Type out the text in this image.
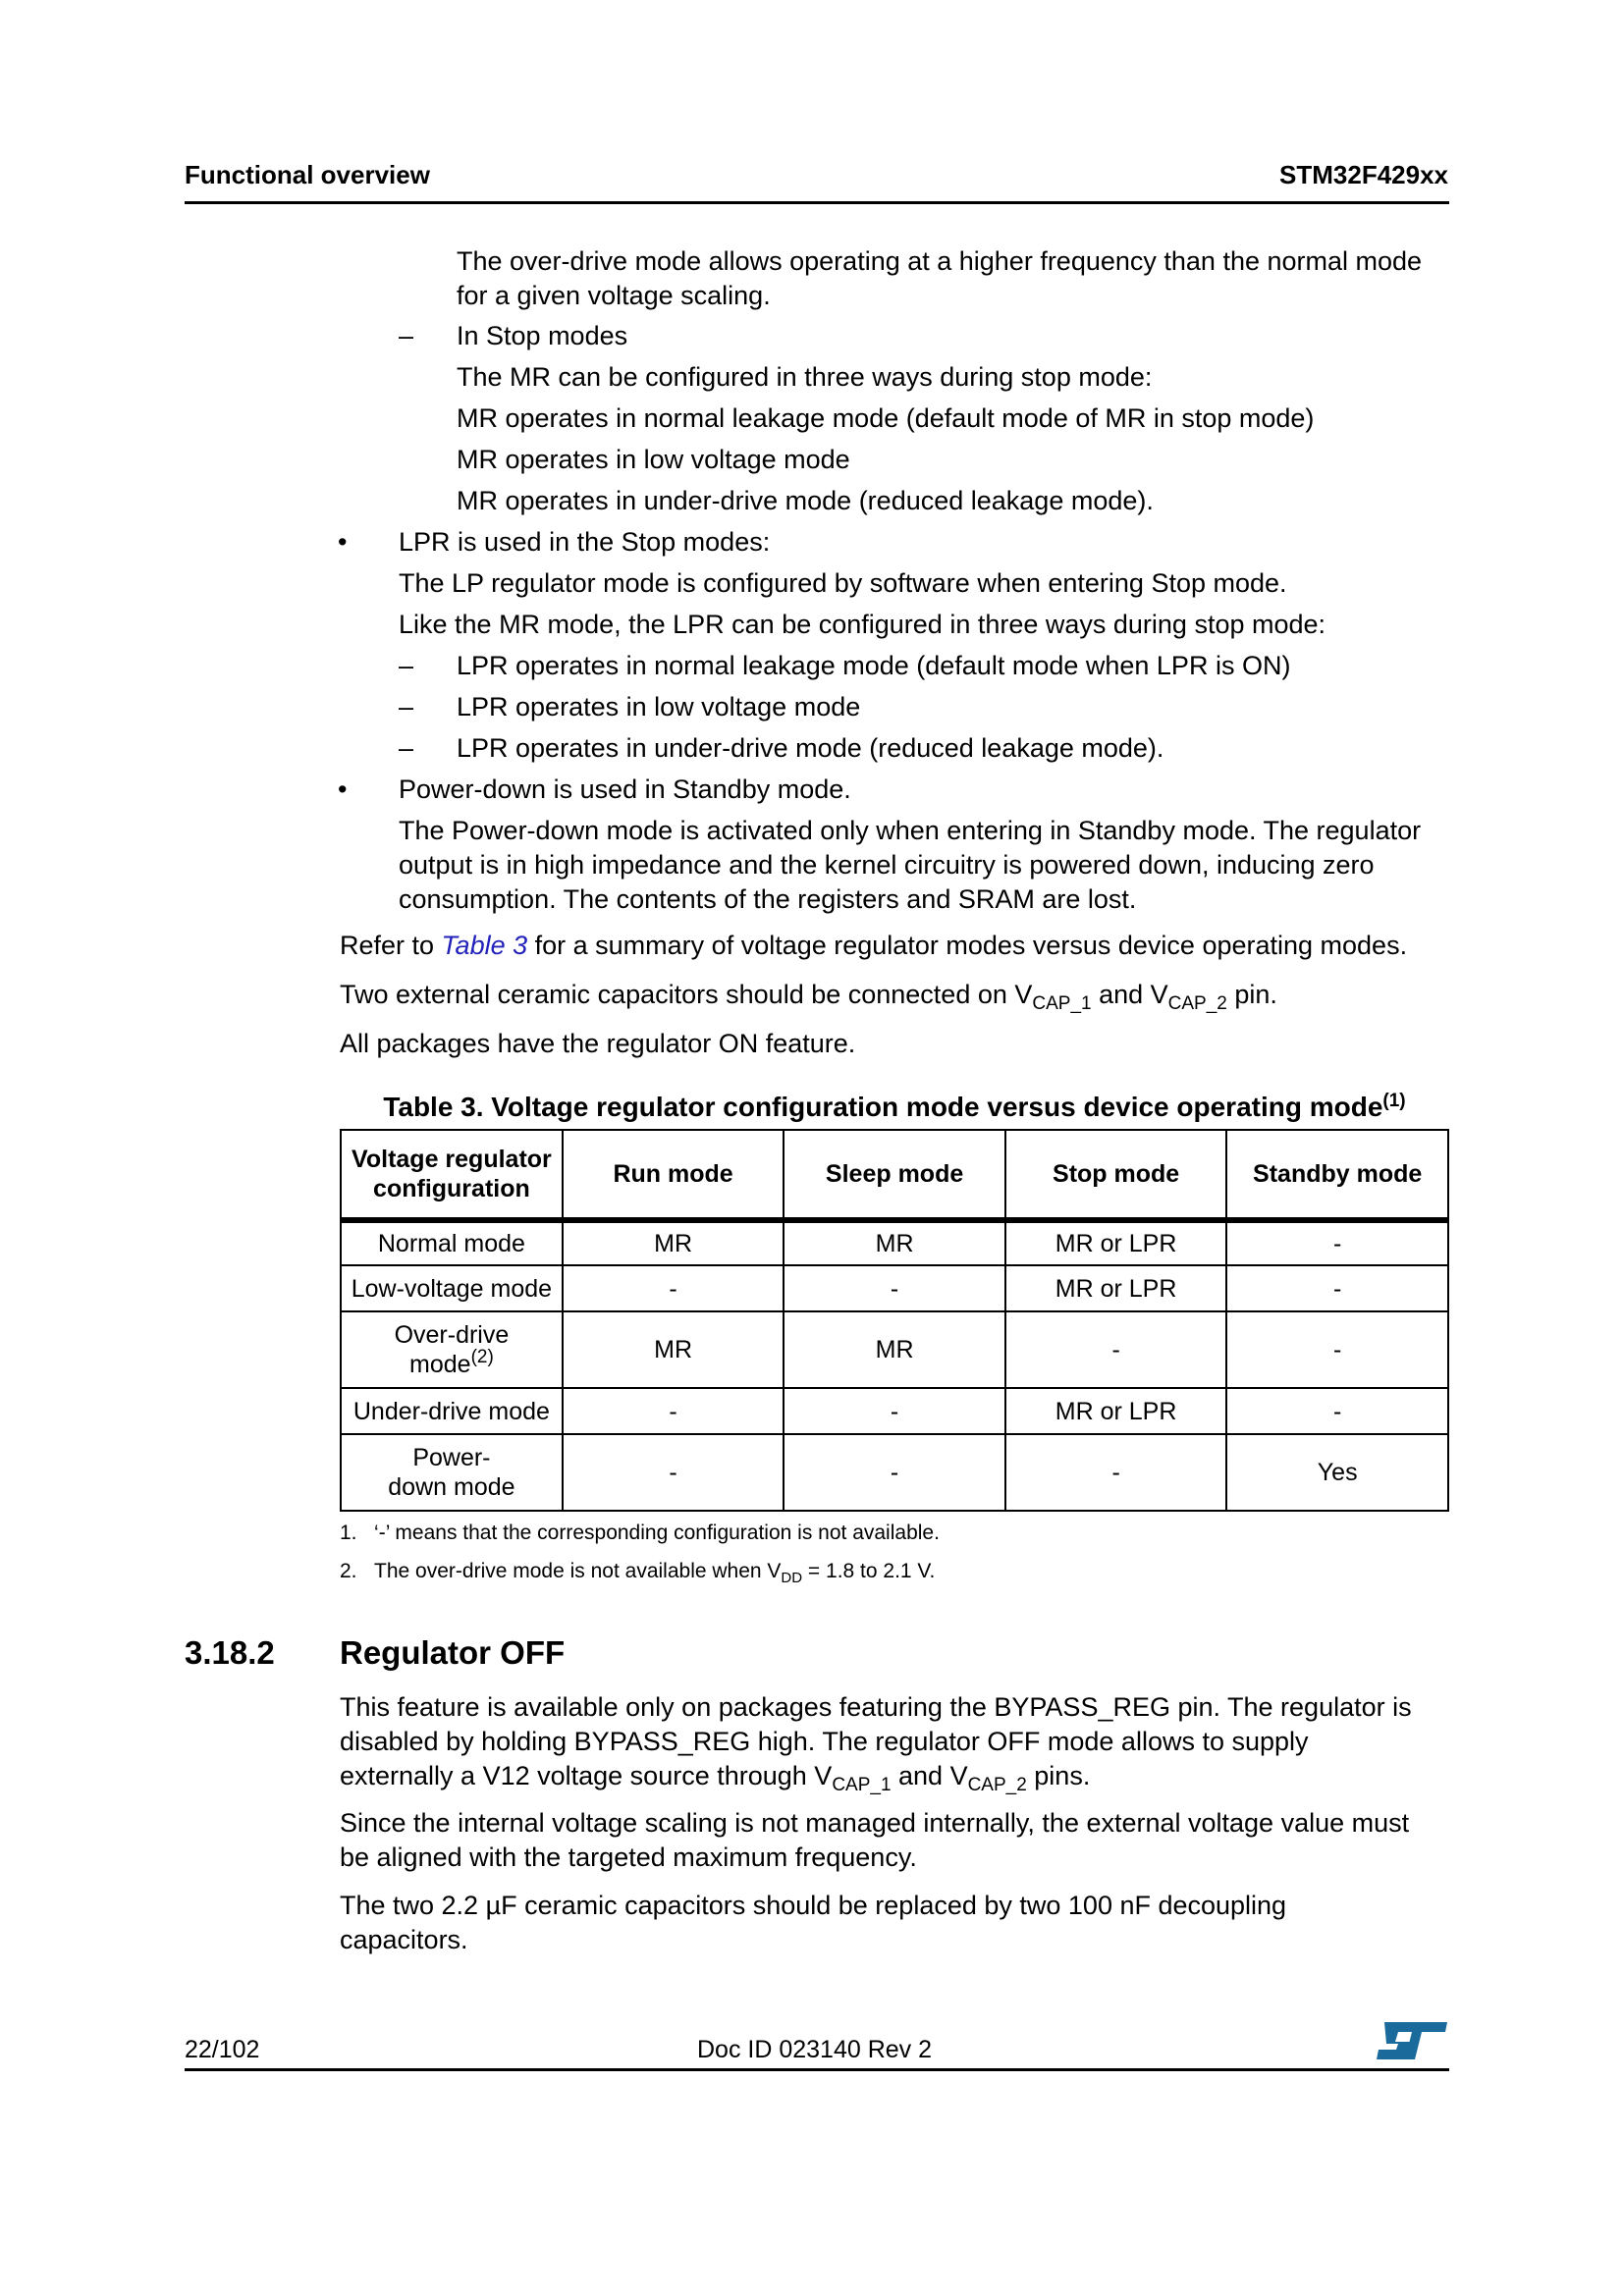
Functional overview	STM32F429xx
The over-drive mode allows operating at a higher frequency than the normal mode
for a given voltage scaling.
– In Stop modes
The MR can be configured in three ways during stop mode:
MR operates in normal leakage mode (default mode of MR in stop mode)
MR operates in low voltage mode
MR operates in under-drive mode (reduced leakage mode).
• LPR is used in the Stop modes:
The LP regulator mode is configured by software when entering Stop mode.
Like the MR mode, the LPR can be configured in three ways during stop mode:
– LPR operates in normal leakage mode (default mode when LPR is ON)
– LPR operates in low voltage mode
– LPR operates in under-drive mode (reduced leakage mode).
• Power-down is used in Standby mode.
The Power-down mode is activated only when entering in Standby mode. The regulator
output is in high impedance and the kernel circuitry is powered down, inducing zero
consumption. The contents of the registers and SRAM are lost.
Refer to Table 3 for a summary of voltage regulator modes versus device operating modes.
Two external ceramic capacitors should be connected on $V_{CAP\_1}$ and $V_{CAP\_2}$ pin.
All packages have the regulator ON feature.
Table 3. Voltage regulator configuration mode versus device operating mode$^{(1)}$
Voltage regulator configuration	Run mode	Sleep mode	Stop mode	Standby mode
Normal mode	MR	MR	MR or LPR	-
Low-voltage mode	-	-	MR or LPR	-

Over-drive mode$^{(2)}$	MR	MR	-	-
Under-drive mode	-	-	MR or LPR	-

Power-down mode	-	-	-	Yes
1. ‘-’ means that the corresponding configuration is not available.
2. The over-drive mode is not available when $V_{DD} = 1.8$ to 2.1 V.
3.18.2 Regulator OFF
This feature is available only on packages featuring the BYPASS_REG pin. The regulator is
disabled by holding BYPASS_REG high. The regulator OFF mode allows to supply
externally a V12 voltage source through $V_{CAP\_1}$ and $V_{CAP\_2}$ pins.
Since the internal voltage scaling is not managed internally, the external voltage value must
be aligned with the targeted maximum frequency.
The two 2.2 µF ceramic capacitors should be replaced by two 100 nF decoupling
capacitors.
22/102	Doc ID 023140 Rev 2
